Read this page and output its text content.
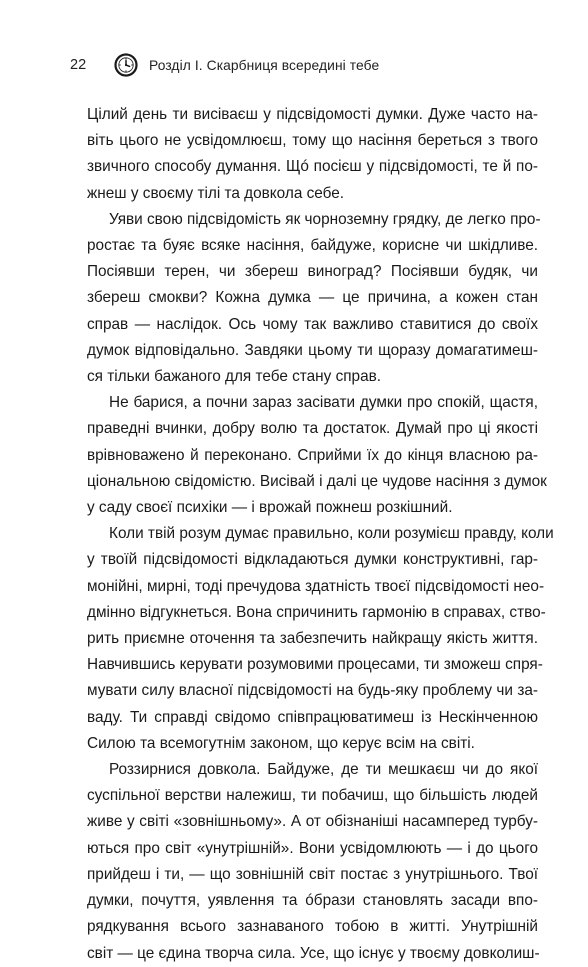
22	Розділ І. Скарбниця всередині тебе
Цілий день ти висіваєш у підсвідомості думки. Дуже часто на-
віть цього не усвідомлюєш, тому що насіння береться з твого
звичного способу думання. Щó посієш у підсвідомості, те й по-
жнеш у своєму тілі та довкола себе.
Уяви свою підсвідомість як чорноземну грядку, де легко про-
ростає та буяє всяке насіння, байдуже, корисне чи шкідливе.
Посіявши терен, чи збереш виноград? Посіявши будяк, чи
збереш смокви? Кожна думка — це причина, а кожен стан
справ — наслідок. Ось чому так важливо ставитися до своїх
думок відповідально. Завдяки цьому ти щоразу домагатимеш-
ся тільки бажаного для тебе стану справ.
Не барися, а почни зараз засівати думки про спокій, щастя,
праведні вчинки, добру волю та достаток. Думай про ці якості
врівноважено й переконано. Сприйми їх до кінця власною ра-
ціональною свідомістю. Висівай і далі це чудове насіння з думок
у саду своєї психіки — і врожай пожнеш розкішний.
Коли твій розум думає правильно, коли розумієш правду, коли
у твоїй підсвідомості відкладаються думки конструктивні, гар-
монійні, мирні, тоді пречудова здатність твоєї підсвідомості нео-
дмінно відгукнеться. Вона спричинить гармонію в справах, ство-
рить приємне оточення та забезпечить найкращу якість життя.
Навчившись керувати розумовими процесами, ти зможеш спря-
мувати силу власної підсвідомості на будь-яку проблему чи за-
ваду. Ти справді свідомо співпрацюватимеш із Нескінченною
Силою та всемогутнім законом, що керує всім на світі.
Роззирнися довкола. Байдуже, де ти мешкаєш чи до якої
суспільної верстви належиш, ти побачиш, що більшість людей
живе у світі «зовнішньому». А от обізнаніші насамперед турбу-
ються про світ «унутрішній». Вони усвідомлюють — і до цього
прийдеш і ти, — що зовнішній світ постає з унутрішнього. Твої
думки, почуття, уявлення та óбрази становлять засади впо-
рядкування всього зазнаваного тобою в житті. Унутрішній
світ — це єдина творча сила. Усе, що існує у твоєму довколиш-
